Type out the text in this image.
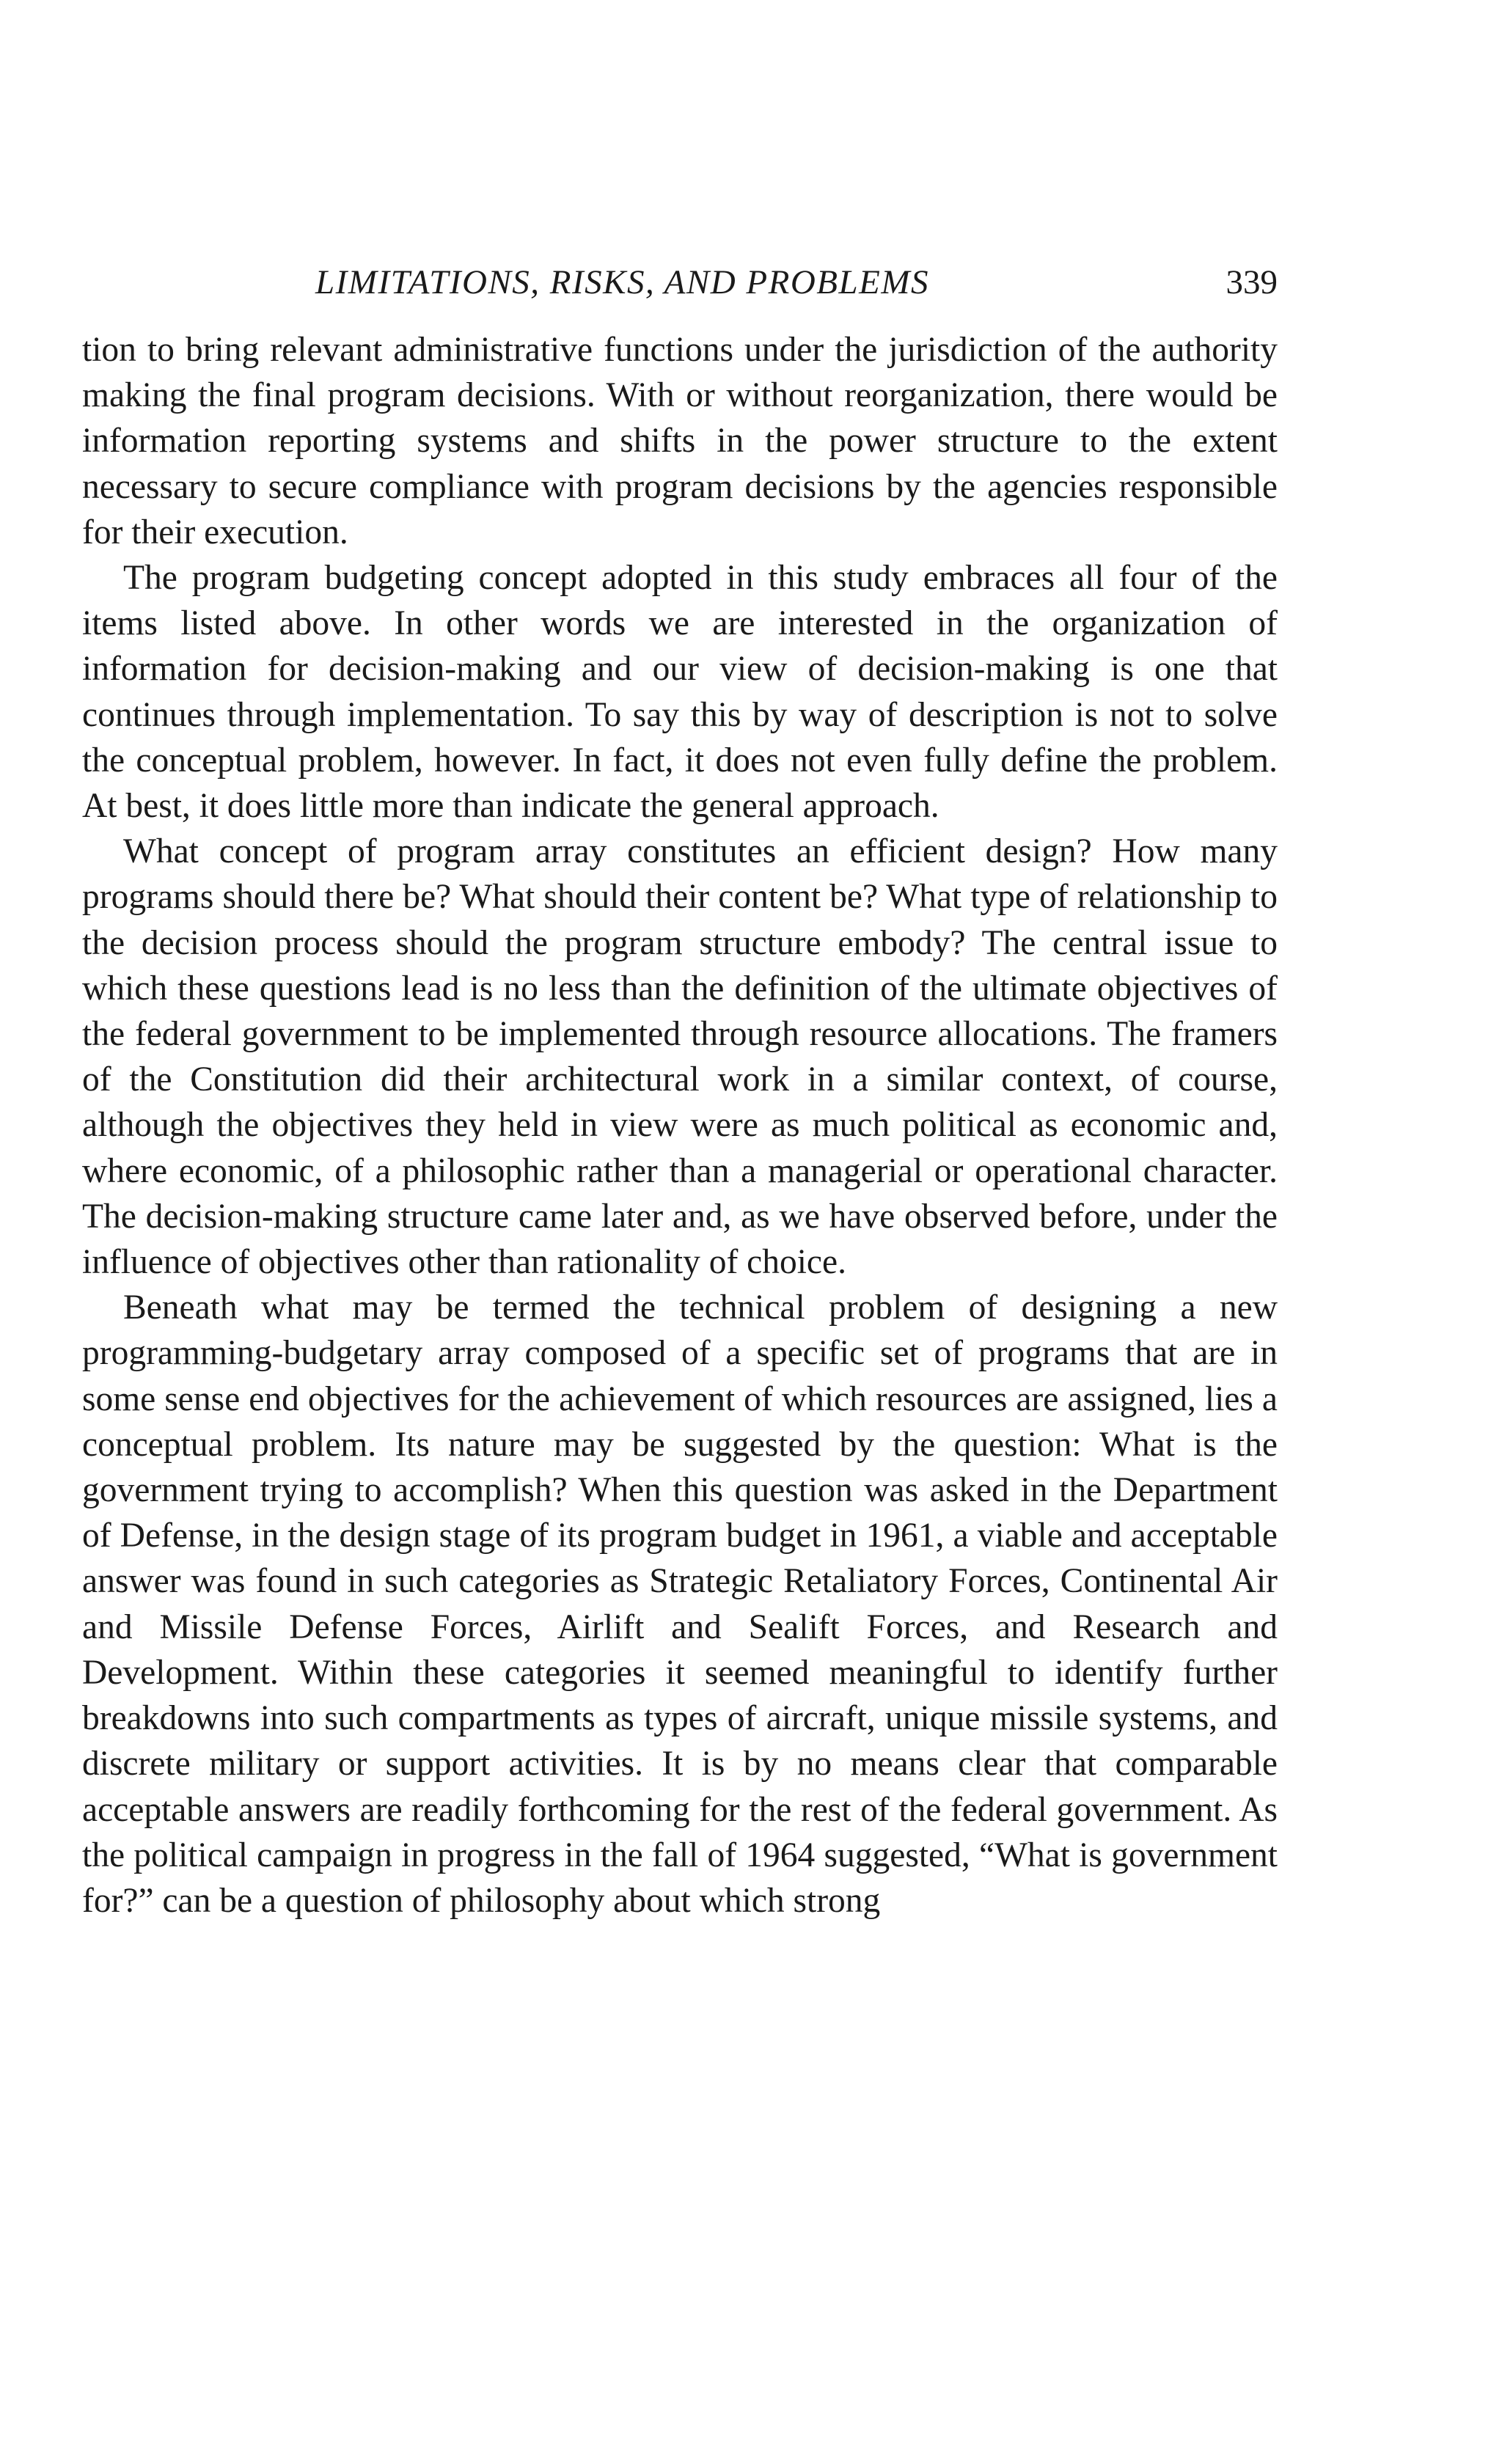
LIMITATIONS, RISKS, AND PROBLEMS	339

tion to bring relevant administrative functions under the jurisdiction of the authority making the final program decisions. With or without reorganization, there would be information reporting systems and shifts in the power structure to the extent necessary to secure compliance with program decisions by the agencies responsible for their execution.

The program budgeting concept adopted in this study embraces all four of the items listed above. In other words we are interested in the organization of information for decision-making and our view of decision-making is one that continues through implementation. To say this by way of description is not to solve the conceptual problem, however. In fact, it does not even fully define the problem. At best, it does little more than indicate the general approach.

What concept of program array constitutes an efficient design? How many programs should there be? What should their content be? What type of relationship to the decision process should the program structure embody? The central issue to which these questions lead is no less than the definition of the ultimate objectives of the federal government to be implemented through resource allocations. The framers of the Constitution did their architectural work in a similar context, of course, although the objectives they held in view were as much political as economic and, where economic, of a philosophic rather than a managerial or operational character. The decision-making structure came later and, as we have observed before, under the influence of objectives other than rationality of choice.

Beneath what may be termed the technical problem of designing a new programming-budgetary array composed of a specific set of programs that are in some sense end objectives for the achievement of which resources are assigned, lies a conceptual problem. Its nature may be suggested by the question: What is the government trying to accomplish? When this question was asked in the Department of Defense, in the design stage of its program budget in 1961, a viable and acceptable answer was found in such categories as Strategic Retaliatory Forces, Continental Air and Missile Defense Forces, Airlift and Sealift Forces, and Research and Development. Within these categories it seemed meaningful to identify further breakdowns into such compartments as types of aircraft, unique missile systems, and discrete military or support activities. It is by no means clear that comparable acceptable answers are readily forthcoming for the rest of the federal government. As the political campaign in progress in the fall of 1964 suggested, “What is government for?” can be a question of philosophy about which strong
